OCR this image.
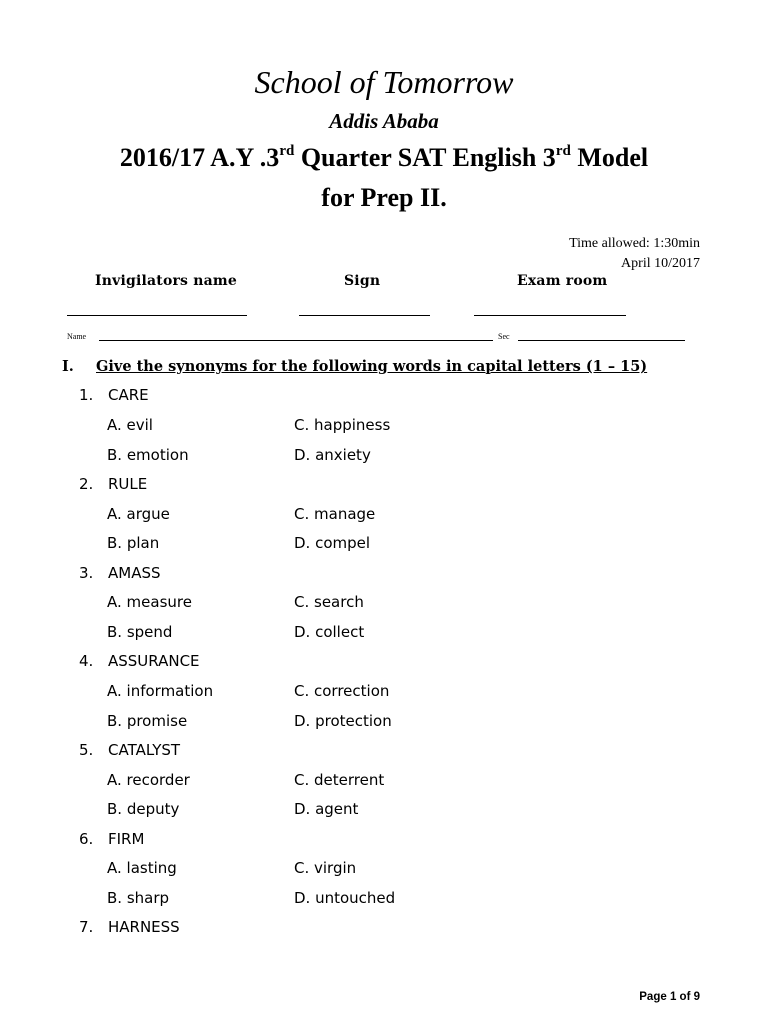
School of Tomorrow
Addis Ababa
2016/17 A.Y .3rd Quarter SAT English 3rd Model
for Prep II.
Time allowed: 1:30min
April 10/2017
Invigilators name	Sign	Exam room
Name	Sec
I. Give the synonyms for the following words in capital letters (1 – 15)
1. CARE
A. evil	C. happiness
B. emotion	D. anxiety
2. RULE
A. argue	C. manage
B. plan	D. compel
3. AMASS
A. measure	C. search
B. spend	D. collect
4. ASSURANCE
A. information	C. correction
B. promise	D. protection
5. CATALYST
A. recorder	C. deterrent
B. deputy	D. agent
6. FIRM
A. lasting	C. virgin
B. sharp	D. untouched
7. HARNESS
Page 1 of 9
